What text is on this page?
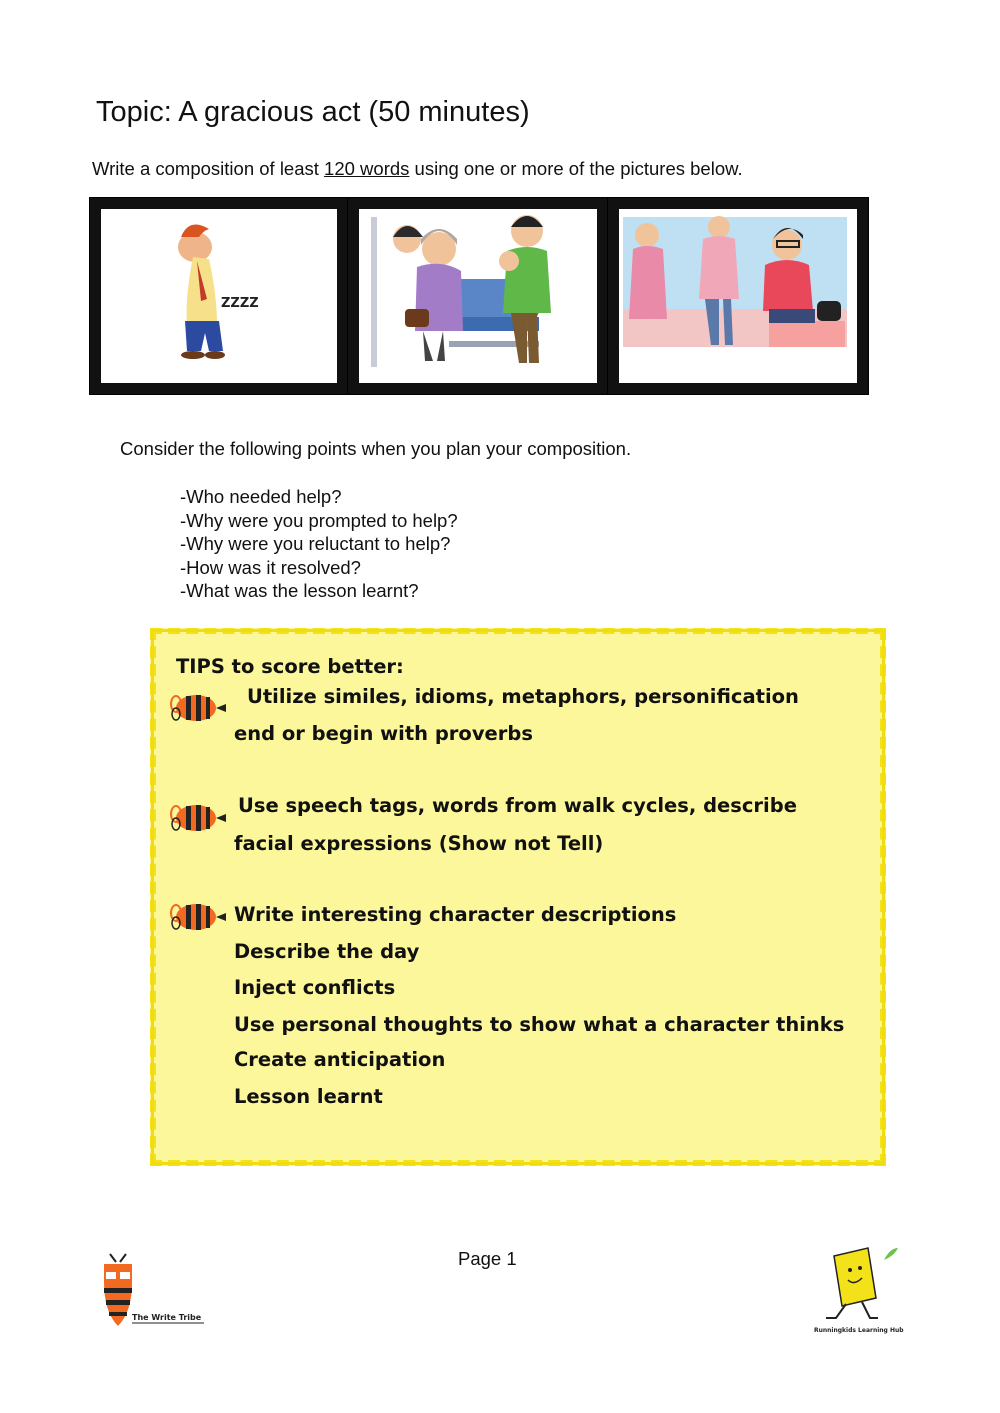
Topic: A gracious act (50 minutes)
Write a composition of least 120 words using one or more of the pictures below.
ZZZZ
Consider the following points when you plan your composition.
-Who needed help?
-Why were you prompted to help?
-Why were you reluctant to help?
-How was it resolved?
-What was the lesson learnt?
TIPS to score better:
Utilize similes, idioms, metaphors, personification
end or begin with proverbs
Use speech tags, words from walk cycles, describe
facial expressions (Show not Tell)
Write interesting character descriptions
Describe the day
Inject conflicts
Use personal thoughts to show what a character thinks
Create anticipation
Lesson learnt
Page 1
The Write Tribe
Runningkids Learning Hub
